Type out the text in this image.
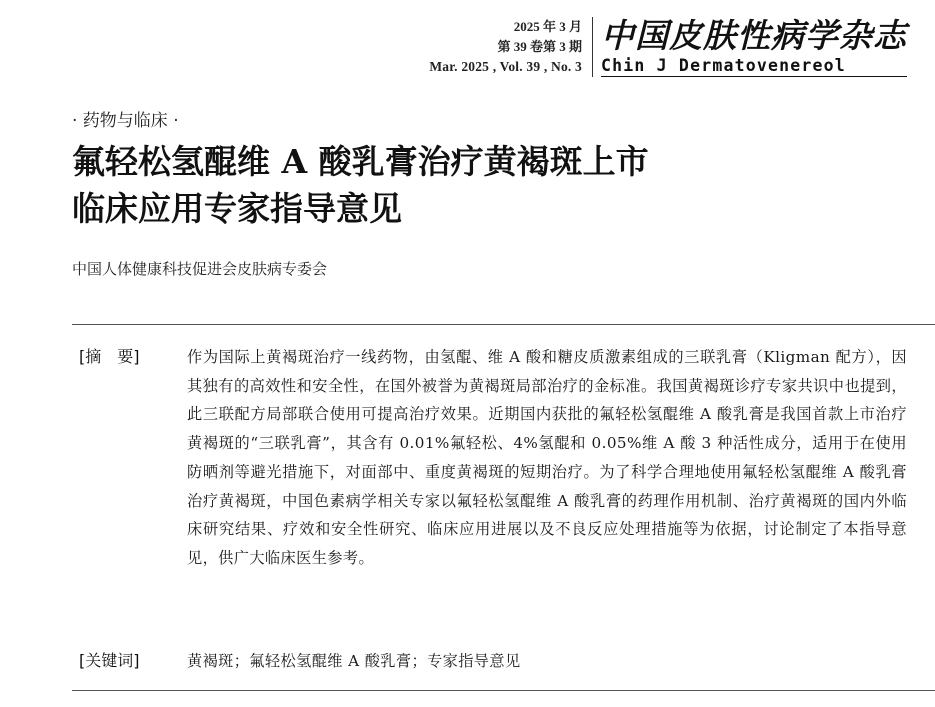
2025 年 3 月
第 39 卷第 3 期
Mar. 2025 , Vol. 39 , No. 3
中国皮肤性病学杂志
Chin J Dermatovenereol
· 药物与临床 ·
氟轻松氢醌维 A 酸乳膏治疗黄褐斑上市
临床应用专家指导意见
中国人体健康科技促进会皮肤病专委会
[摘　要]	作为国际上黄褐斑治疗一线药物，由氢醌、维 A 酸和糖皮质激素组成的三联乳膏（Kligman 配方），因其独有的高效性和安全性，在国外被誉为黄褐斑局部治疗的金标准。我国黄褐斑诊疗专家共识中也提到，此三联配方局部联合使用可提高治疗效果。近期国内获批的氟轻松氢醌维 A 酸乳膏是我国首款上市治疗黄褐斑的“三联乳膏”，其含有 0.01%氟轻松、4%氢醌和 0.05%维 A 酸 3 种活性成分，适用于在使用防晒剂等避光措施下，对面部中、重度黄褐斑的短期治疗。为了科学合理地使用氟轻松氢醌维 A 酸乳膏治疗黄褐斑，中国色素病学相关专家以氟轻松氢醌维 A 酸乳膏的药理作用机制、治疗黄褐斑的国内外临床研究结果、疗效和安全性研究、临床应用进展以及不良反应处理措施等为依据，讨论制定了本指导意见，供广大临床医生参考。
[关键词]	黄褐斑；氟轻松氢醌维 A 酸乳膏；专家指导意见
